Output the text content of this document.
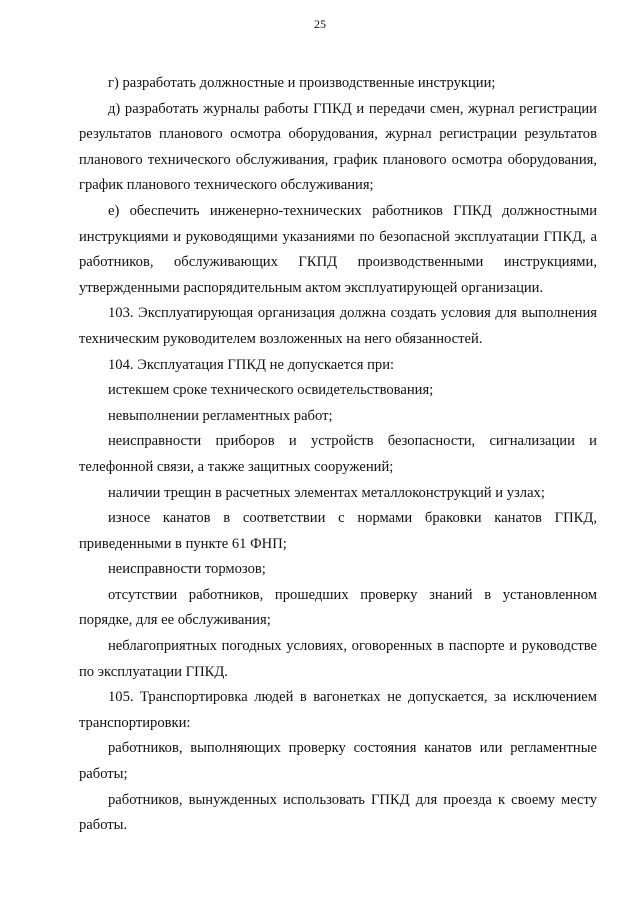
25

г) разработать должностные и производственные инструкции;

д) разработать журналы работы ГПКД и передачи смен, журнал регистрации результатов планового осмотра оборудования, журнал регистрации результатов планового технического обслуживания, график планового осмотра оборудования, график планового технического обслуживания;

е) обеспечить инженерно-технических работников ГПКД должностными инструкциями и руководящими указаниями по безопасной эксплуатации ГПКД, а работников, обслуживающих ГКПД производственными инструкциями, утвержденными распорядительным актом эксплуатирующей организации.

103. Эксплуатирующая организация должна создать условия для выполнения техническим руководителем возложенных на него обязанностей.

104. Эксплуатация ГПКД не допускается при:

истекшем сроке технического освидетельствования;

невыполнении регламентных работ;

неисправности приборов и устройств безопасности, сигнализации и телефонной связи, а также защитных сооружений;

наличии трещин в расчетных элементах металлоконструкций и узлах;

износе канатов в соответствии с нормами браковки канатов ГПКД, приведенными в пункте 61 ФНП;

неисправности тормозов;

отсутствии работников, прошедших проверку знаний в установленном порядке, для ее обслуживания;

неблагоприятных погодных условиях, оговоренных в паспорте и руководстве по эксплуатации ГПКД.

105. Транспортировка людей в вагонетках не допускается, за исключением транспортировки:

работников, выполняющих проверку состояния канатов или регламентные работы;

работников, вынужденных использовать ГПКД для проезда к своему месту работы.
